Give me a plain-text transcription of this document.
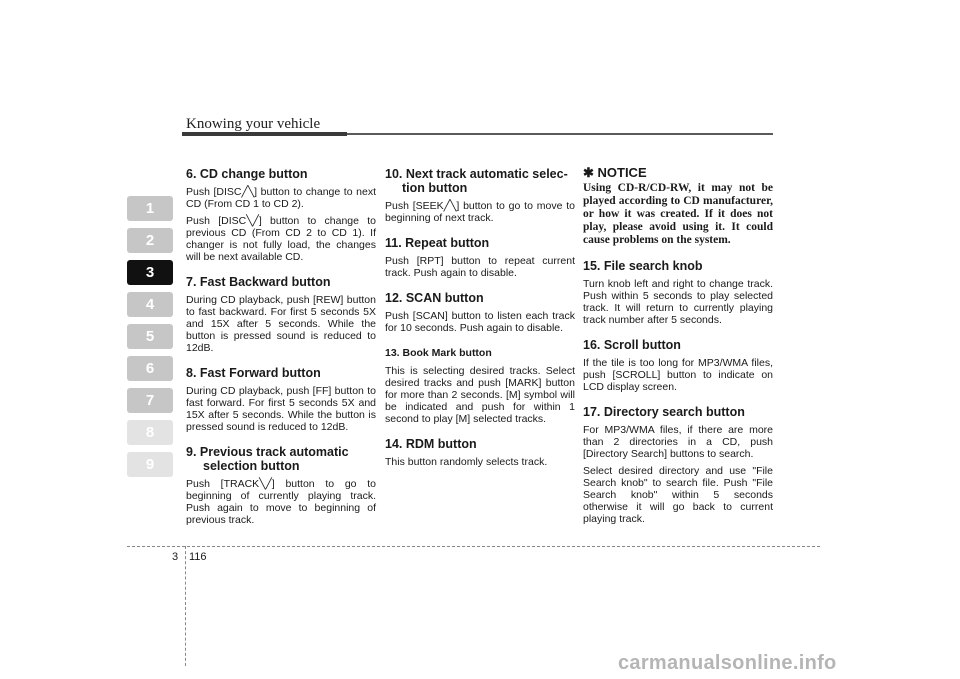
Knowing your vehicle
1
2
3
4
5
6
7
8
9
6. CD change button

Push [DISC╱╲] button to change to next CD (From CD 1 to CD 2).

Push [DISC╲╱] button to change to previous CD (From CD 2 to CD 1). If changer is not fully load, the changes will be next available CD.

7. Fast Backward button

During CD playback, push [REW] button to fast backward. For first 5 seconds 5X and 15X after 5 seconds. While the button is pressed sound is reduced to 12dB.

8. Fast Forward button

During CD playback, push [FF] button to fast forward. For first 5 seconds 5X and 15X after 5 seconds. While the button is pressed sound is reduced to 12dB.

9. Previous track automatic
selection button

Push [TRACK╲╱] button to go to beginning of currently playing track. Push again to move to beginning of previous track.

10. Next track automatic selec-
tion button

Push [SEEK╱╲] button to go to move to beginning of next track.

11. Repeat button

Push [RPT] button to repeat current track. Push again to disable.

12. SCAN button

Push [SCAN] button to listen each track for 10 seconds. Push again to disable.

13. Book Mark button

This is selecting desired tracks. Select desired tracks and push [MARK] button for more than 2 seconds. [M] symbol will be indicated and push for within 1 second to play [M] selected tracks.

14. RDM button

This button randomly selects track.

✱ NOTICE

Using CD-R/CD-RW, it may not be played according to CD manufacturer, or how it was created. If it does not play, please avoid using it. It could cause problems on the system.

15. File search knob

Turn knob left and right to change track. Push within 5 seconds to play selected track. It will return to currently playing track number after 5 seconds.

16. Scroll button

If the tile is too long for MP3/WMA files, push [SCROLL] button to indicate on LCD display screen.

17. Directory search button

For MP3/WMA files, if there are more than 2 directories in a CD, push [Directory Search] buttons to search.

Select desired directory and use "File Search knob" to search file. Push "File Search knob" within 5 seconds otherwise it will go back to current playing track.

3 116
carmanualsonline.info
